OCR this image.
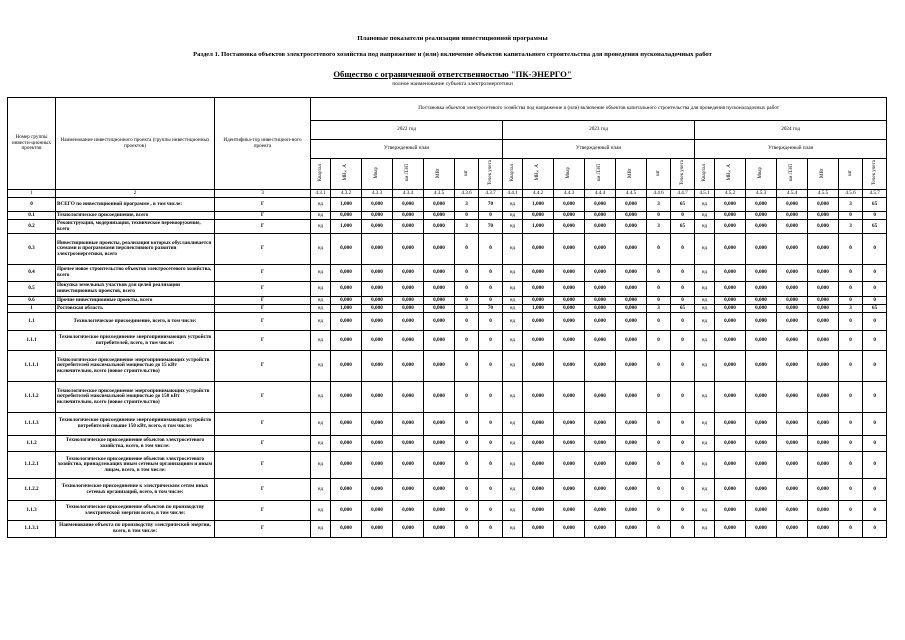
Плановые показатели реализации инвестиционной программы
Раздел 1. Постановка объектов электросетевого хозяйства под напряжение и (или) включение объектов капитального строительства для проведения пусконаладочных работ
Общество с ограниченной ответственностью "ПК-ЭНЕРГО"
полное наименование субъекта электроэнергетики
Номер группы инвести-ционных проектов	Наименование инвестиционного проекта (группы инвестиционных проектов)	Идентифика-тор инвестицион-ного проекта	Постановка объектов электросетевого хозяйства под напряжение и (или) включение объектов капитального строительства для проведения пусконаладочных работ																				
			2022 год							2023 год							2024 год						
			Утвержденный план							Утвержденный план							Утвержденный план						
			Квартал	МВ×А	Мвар	км ЛЭП	МВт	шт	Точек учета	Квартал	МВ×А	Мвар	км ЛЭП	МВт	шт	Точек учета	Квартал	МВ×А	Мвар	км ЛЭП	МВт	шт	Точек учета
1	2	3	4.3.1	4.3.2	4.3.3	4.3.4	4.3.5	4.3.6	4.3.7	4.4.1	4.4.2	4.4.3	4.4.4	4.4.5	4.4.6	4.4.7	4.5.1	4.5.2	4.5.3	4.5.4	4.5.5	4.5.6	4.5.7
0	ВСЕГО по инвестиционной программе , в том числе:	Г	нд	1,000	0,000	0,000	0,000	3	70	нд	1,000	0,000	0,000	0,000	3	65	нд	0,000	0,000	0,000	0,000	3	65
0.1	Технологическое присоединение, всего	Г	нд	0,000	0,000	0,000	0,000	0	0	нд	0,000	0,000	0,000	0,000	0	0	нд	0,000	0,000	0,000	0,000	0	0
0.2	Реконструкция, модернизация, техническое перевооружение, всего	Г	нд	1,000	0,000	0,000	0,000	3	70	нд	1,000	0,000	0,000	0,000	3	65	нд	0,000	0,000	0,000	0,000	3	65
0.3	Инвестиционные проекты, реализация которых обуславливается схемами и программами перспективного развития электроэнергетики, всего	Г	нд	0,000	0,000	0,000	0,000	0	0	нд	0,000	0,000	0,000	0,000	0	0	нд	0,000	0,000	0,000	0,000	0	0
0.4	Прочее новое строительство объектов электросетевого хозяйства, всего	Г	нд	0,000	0,000	0,000	0,000	0	0	нд	0,000	0,000	0,000	0,000	0	0	нд	0,000	0,000	0,000	0,000	0	0
0.5	Покупка земельных участков для целей реализации инвестиционных проектов, всего	Г	нд	0,000	0,000	0,000	0,000	0	0	нд	0,000	0,000	0,000	0,000	0	0	нд	0,000	0,000	0,000	0,000	0	0
0.6	Прочие инвестиционные проекты, всего	Г	нд	0,000	0,000	0,000	0,000	0	0	нд	0,000	0,000	0,000	0,000	0	0	нд	0,000	0,000	0,000	0,000	0	0
1	Ростовская область	Г	нд	1,000	0,000	0,000	0,000	3	70	нд	1,000	0,000	0,000	0,000	3	65	нд	0,000	0,000	0,000	0,000	3	65
1.1	Технологическое присоединение, всего, в том числе:	Г	нд	0,000	0,000	0,000	0,000	0	0	нд	0,000	0,000	0,000	0,000	0	0	нд	0,000	0,000	0,000	0,000	0	0
1.1.1	Технологическое присоединение энергопринимающих устройств потребителей, всего, в том числе:	Г	нд	0,000	0,000	0,000	0,000	0	0	нд	0,000	0,000	0,000	0,000	0	0	нд	0,000	0,000	0,000	0,000	0	0
1.1.1.1	Технологическое присоединение энергопринимающих устройств потребителей максимальной мощностью до 15 кВт включительно, всего (новое строительство)	Г	нд	0,000	0,000	0,000	0,000	0	0	нд	0,000	0,000	0,000	0,000	0	0	нд	0,000	0,000	0,000	0,000	0	0
1.1.1.2	Технологическое присоединение энергопринимающих устройств потребителей максимальной мощностью до 150 кВт включительно, всего (новое строительство)	Г	нд	0,000	0,000	0,000	0,000	0	0	нд	0,000	0,000	0,000	0,000	0	0	нд	0,000	0,000	0,000	0,000	0	0
1.1.1.3	Технологическое присоединение энергопринимающих устройств потребителей свыше 150 кВт, всего, в том числе:	Г	нд	0,000	0,000	0,000	0,000	0	0	нд	0,000	0,000	0,000	0,000	0	0	нд	0,000	0,000	0,000	0,000	0	0
1.1.2	Технологическое присоединение объектов электросетевого хозяйства, всего, в том числе:	Г	нд	0,000	0,000	0,000	0,000	0	0	нд	0,000	0,000	0,000	0,000	0	0	нд	0,000	0,000	0,000	0,000	0	0
1.1.2.1	Технологическое присоединение объектов электросетевого хозяйства, принадлежащих иным сетевым организациям и иным лицам, всего, в том числе:	Г	нд	0,000	0,000	0,000	0,000	0	0	нд	0,000	0,000	0,000	0,000	0	0	нд	0,000	0,000	0,000	0,000	0	0
1.1.2.2	Технологическое присоединение к электрическим сетям иных сетевых организаций, всего, в том числе:	Г	нд	0,000	0,000	0,000	0,000	0	0	нд	0,000	0,000	0,000	0,000	0	0	нд	0,000	0,000	0,000	0,000	0	0
1.1.3	Технологическое присоединение объектов по производству электрической энергии всего, в том числе:	Г	нд	0,000	0,000	0,000	0,000	0	0	нд	0,000	0,000	0,000	0,000	0	0	нд	0,000	0,000	0,000	0,000	0	0
1.1.3.1	Наименование объекта по производству электрической энергии, всего, в том числе:	Г	нд	0,000	0,000	0,000	0,000	0	0	нд	0,000	0,000	0,000	0,000	0	0	нд	0,000	0,000	0,000	0,000	0	0
